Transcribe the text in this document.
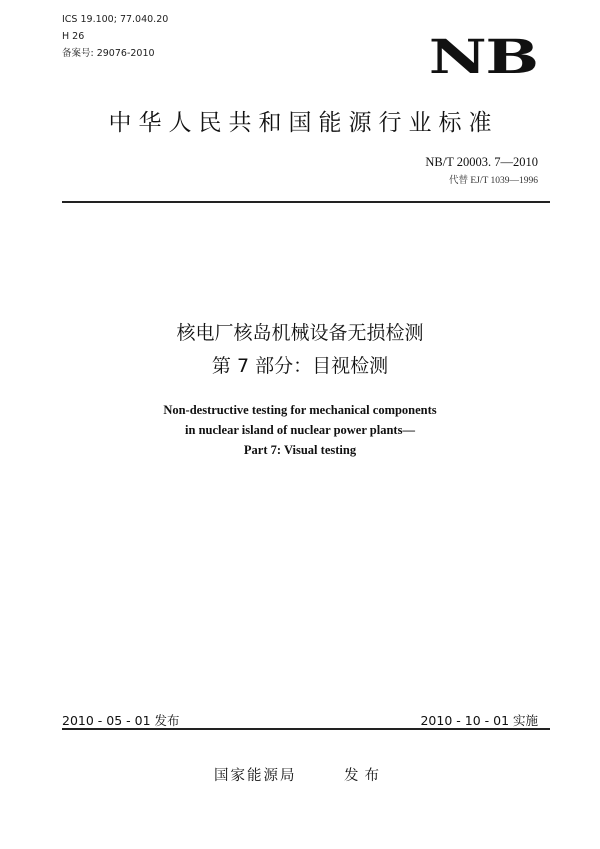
ICS 19.100; 77.040.20
H 26
备案号: 29076-2010	NB
中华人民共和国能源行业标准
NB/T 20003. 7—2010
代替 EJ/T 1039—1996
核电厂核岛机械设备无损检测
第 7 部分：目视检测
Non-destructive testing for mechanical components
in nuclear island of nuclear power plants—
Part 7: Visual testing
2010 - 05 - 01 发布	2010 - 10 - 01 实施
国家能源局	发布
